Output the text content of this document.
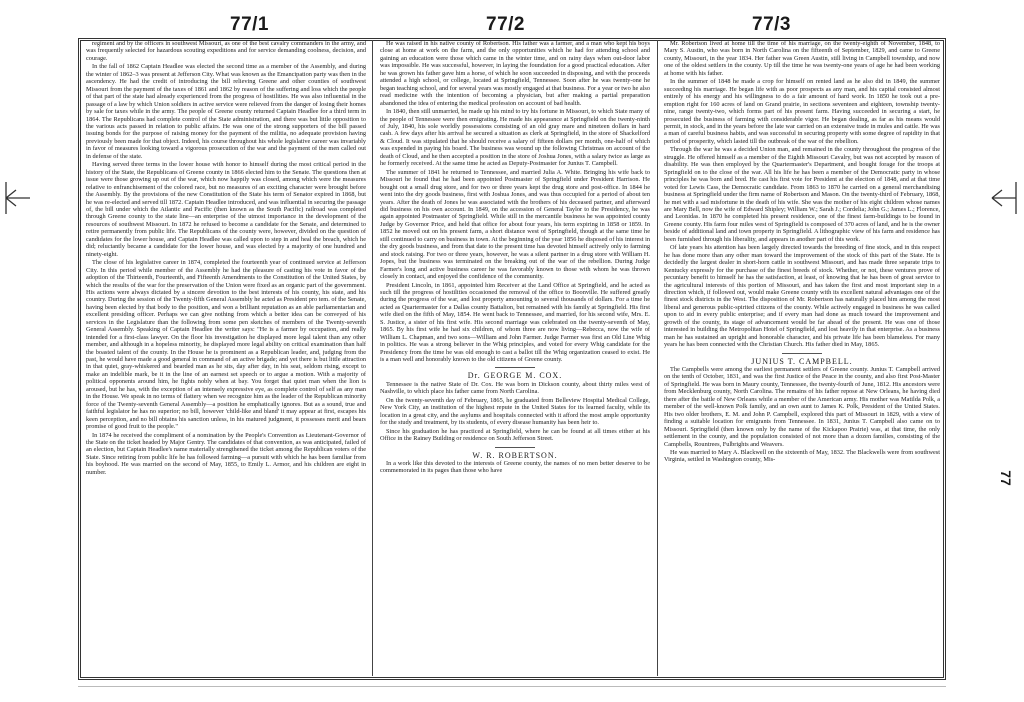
77/1	77/2	77/3

regiment and by the officers in southwest Missouri, as one of the best cavalry commanders in the army, and was frequently selected for hazardous scouting expeditions and for service demanding coolness, decision, and courage.

In the fall of 1862 Captain Headlee was elected the second time as a member of the Assembly, and during the winter of 1862–3 was present at Jefferson City. What was known as the Emancipation party was then in the ascendency. He had the credit of introducing the bill relieving Greene and other counties of southwest Missouri from the payment of the taxes of 1861 and 1862 by reason of the suffering and loss which the people of that part of the state had already experienced from the progress of hostilities. He was also influential in the passage of a law by which Union soldiers in active service were relieved from the danger of losing their homes by sale for taxes while in the army. The people of Greene county returned Captain Headlee for a third term in 1864. The Republicans had complete control of the State administration, and there was but little opposition to the various acts passed in relation to public affairs. He was one of the strong supporters of the bill passed issuing bonds for the purpose of raising money for the payment of the militia, no adequate provision having previously been made for that object. Indeed, his course throughout his whole legislative career was invariably in favor of measures looking toward a vigorous prosecution of the war and the payment of the men called out in defense of the state.

Having served three terms in the lower house with honor to himself during the most critical period in the history of the State, the Republicans of Greene county in 1866 elected him to the Senate. The questions then at issue were those growing up out of the war, which now happily was closed, among which were the measures relative to enfranchisement of the colored race, but no measures of an exciting character were brought before the Assembly. By the provisions of the new Constitution of the State his term of Senator expired in 1868, but he was re-elected and served till 1872. Captain Headlee introduced, and was influential in securing the passage of, the bill under which the Atlantic and Pacific (then known as the South Pacific) railroad was completed through Greene county to the state line—an enterprise of the utmost importance in the development of the resources of southwest Missouri. In 1872 he refused to become a candidate for the Senate, and determined to retire permanently from public life. The Republicans of the county were, however, divided on the question of candidates for the lower house, and Captain Headlee was called upon to step in and heal the breach, which he did; reluctantly became a candidate for the lower house, and was elected by a majority of one hundred and ninety-eight.

The close of his legislative career in 1874, completed the fourteenth year of continued service at Jefferson City. In this period while member of the Assembly he had the pleasure of casting his vote in favor of the adoption of the Thirteenth, Fourteenth, and Fifteenth Amendments to the Constitution of the United States, by which the results of the war for the preservation of the Union were fixed as an organic part of the government. His actions were always dictated by a sincere devotion to the best interests of his county, his state, and his country. During the session of the Twenty-fifth General Assembly he acted as President pro tem. of the Senate, having been elected by that body to the position, and won a brilliant reputation as an able parliamentarian and excellent presiding officer. Perhaps we can give nothing from which a better idea can be conveyed of his services in the Legislature than the following from some pen sketches of members of the Twenty-seventh General Assembly. Speaking of Captain Headlee the writer says: "He is a farmer by occupation, and really intended for a first-class lawyer. On the floor his investigation he displayed more legal talent than any other member, and although in a hopeless minority, he displayed more legal ability on critical examination than half the boasted talent of the county. In the House he is prominent as a Republican leader, and, judging from the past, he would have made a good general in command of an active brigade; and yet there is but little attraction in that quiet, gray-whiskered and bearded man as he sits, day after day, in his seat, seldom rising, except to make an indelible mark, be it in the line of an earnest set speech or to argue a motion. With a majority of political opponents around him, he fights nobly when at bay. You forget that quiet man when the lion is aroused, but he has, with the exception of an intensely expressive eye, as complete control of self as any man in the House. We speak in no terms of flattery when we recognize him as the leader of the Republican minority force of the Twenty-seventh General Assembly—a position he emphatically ignores. But as a sound, true and faithful legislator he has no superior; no bill, however 'child-like and bland' it may appear at first, escapes his keen perception, and no bill obtains his sanction unless, in his matured judgment, it possesses merit and bears promise of good fruit to the people."

In 1874 he received the compliment of a nomination by the People's Convention as Lieutenant-Governor of the State on the ticket headed by Major Gentry. The candidates of that convention, as was anticipated, failed of an election, but Captain Headlee's name materially strengthened the ticket among the Republican voters of the State. Since retiring from public life he has followed farming—a pursuit with which he has been familiar from his boyhood. He was married on the second of May, 1855, to Emily L. Armor, and his children are eight in number.

He was raised in his native county of Robertson. His father was a farmer, and a man who kept his boys close at home at work on the farm, and the only opportunities which he had for attending school and gaining an education were those which came in the winter time, and on rainy days when out-door labor was impossible. He was successful, however, in laying the foundation for a good practical education. After he was grown his father gave him a horse, of which he soon succeeded in disposing, and with the proceeds attended a high school, or college, located at Springfield, Tennessee. Soon after he was twenty-one he began teaching school, and for several years was mostly engaged at that business. For a year or two he also read medicine with the intention of becoming a physician, but after making a partial preparation abandoned the idea of entering the medical profession on account of bad health.

In 1840, then still unmarried, he made up his mind to try his fortune in Missouri, to which State many of the people of Tennessee were then emigrating. He made his appearance at Springfield on the twenty-ninth of July, 1840, his sole worldly possessions consisting of an old gray mare and nineteen dollars in hard cash. A few days after his arrival he secured a situation as clerk at Springfield, in the store of Shackelford & Cloud. It was stipulated that he should receive a salary of fifteen dollars per month, one-half of which was expended in paying his board. The business was wound up the following Christmas on account of the death of Cloud, and he then accepted a position in the store of Joshua Jones, with a salary twice as large as he formerly received. At the same time he acted as Deputy-Postmaster for Junius T. Campbell.

The summer of 1841 he returned to Tennessee, and married Julia A. White. Bringing his wife back to Missouri he found that he had been appointed Postmaster of Springfield under President Harrison. He bought out a small drug store, and for two or three years kept the drug store and post-office. In 1844 he went into the dry goods business, first with Joshua Jones, and was thus occupied for a period of about ten years. After the death of Jones he was associated with the brothers of his deceased partner, and afterward did business on his own account. In 1849, on the accession of General Taylor to the Presidency, he was again appointed Postmaster of Springfield. While still in the mercantile business he was appointed county Judge by Governor Price, and held that office for about four years, his term expiring in 1858 or 1859. In 1852 he moved out on his present farm, a short distance west of Springfield, though at the same time he still continued to carry on business in town. At the beginning of the year 1856 he disposed of his interest in the dry goods business, and from that date to the present time has devoted himself actively only to farming and stock raising. For two or three years, however, he was a silent partner in a drug store with William H. Jopes, but the business was terminated on the breaking out of the war of the rebellion. During Judge Farmer's long and active business career he was favorably known to those with whom he was thrown closely in contact, and enjoyed the confidence of the community.

President Lincoln, in 1861, appointed him Receiver at the Land Office at Springfield, and he acted as such till the progress of hostilities occasioned the removal of the office to Boonville. He suffered greatly during the progress of the war, and lost property amounting to several thousands of dollars. For a time he acted as Quartermaster for a Dallas county Battalion, but remained with his family at Springfield. His first wife died on the fifth of May, 1854. He went back to Tennessee, and married, for his second wife, Mrs. E. S. Justice, a sister of his first wife. His second marriage was celebrated on the twenty-seventh of May, 1865. By his first wife he had six children, of whom three are now living—Rebecca, now the wife of William L. Chapman, and two sons—William and John Farmer. Judge Farmer was first an Old Line Whig in politics. He was a strong believer in the Whig principles, and voted for every Whig candidate for the Presidency from the time he was old enough to cast a ballot till the Whig organization ceased to exist. He is a man well and honorably known to the old citizens of Greene county.

Dr. GEORGE M. COX.

Tennessee is the native State of Dr. Cox. He was born in Dickson county, about thirty miles west of Nashville, to which place his father came from North Carolina.

On the twenty-seventh day of February, 1865, he graduated from Belleview Hospital Medical College, New York City, an institution of the highest repute in the United States for its learned faculty, while its location in a great city, and the asylums and hospitals connected with it afford the most ample opportunity for the study and treatment, by its students, of every disease humanity has been heir to.

Since his graduation he has practiced at Springfield, where he can be found at all times either at his Office in the Rainey Building or residence on South Jefferson Street.

W. R. ROBERTSON.

In a work like this devoted to the interests of Greene county, the names of no men better deserve to be commemorated in its pages than those who have

Mr. Robertson lived at home till the time of his marriage, on the twenty-eighth of November, 1848, to Mary S. Austin, who was born in North Carolina on the fifteenth of September, 1829, and came to Greene county, Missouri, in the year 1834. Her father was Green Austin, still living in Campbell township, and now one of the oldest settlers in the county. Up till the time he was twenty-one years of age he had been working at home with his father.

In the summer of 1848 he made a crop for himself on rented land as he also did in 1849, the summer succeeding his marriage. He began life with as poor prospects as any man, and his capital consisted almost entirely of his energy and his willingness to do a fair amount of hard work. In 1850 he took out a pre-emption right for 160 acres of land on Grand prairie, in sections seventeen and eighteen, township twenty-nine, range twenty-two, which forms part of his present farm. Having succeeded in securing a start, he prosecuted the business of farming with considerable vigor. He began dealing, as far as his means would permit, in stock, and in the years before the late war carried on an extensive trade in mules and cattle. He was a man of careful business habits, and was successful in securing property with some degree of rapidity in that period of prosperity, which lasted till the outbreak of the war of the rebellion.

Through the war he was a decided Union man, and remained in the county throughout the progress of the struggle. He offered himself as a member of the Eighth Missouri Cavalry, but was not accepted by reason of disability. He was then employed by the Quartermaster's Department, and bought forage for the troops at Springfield on to the close of the war. All his life he has been a member of the Democratic party in whose principles he was born and bred. He cast his first vote for President at the election of 1848, and at that time voted for Lewis Cass, the Democratic candidate. From 1863 to 1870 he carried on a general merchandising business at Springfield under the firm name of Robertson and Mason. On the twenty-third of February, 1868, he met with a sad misfortune in the death of his wife. She was the mother of his eight children whose names are Mary Bell, now the wife of Edward Shipley; William W.; Sarah J.; Cordelia; John G.; James L.; Florence, and Leonidas. In 1870 he completed his present residence, one of the finest farm-buildings to be found in Greene county. His farm four miles west of Springfield is composed of 370 acres of land, and he is the owner beside of additional land and town property in Springfield. A lithographic view of his farm and residence has been furnished through his liberality, and appears in another part of this work.

Of late years his attention has been largely directed towards the breeding of fine stock, and in this respect he has done more than any other man toward the improvement of the stock of this part of the State. He is decidedly the largest dealer in short-horn cattle in southwest Missouri, and has made three separate trips to Kentucky expressly for the purchase of the finest breeds of stock. Whether, or not, these ventures prove of pecuniary benefit to himself he has the satisfaction, at least, of knowing that he has been of great service to the agricultural interests of this portion of Missouri, and has taken the first and most important step in a direction which, if followed out, would make Greene county with its excellent natural advantages one of the finest stock districts in the West. The disposition of Mr. Robertson has naturally placed him among the most liberal and generous public-spirited citizens of the county. While actively engaged in business he was called upon to aid in every public enterprise; and if every man had done as much toward the improvement and growth of the county, its stage of advancement would be far ahead of the present. He was one of those interested in building the Metropolitan Hotel of Springfield, and lost heavily in that enterprise. As a business man he has sustained an upright and honorable character, and his private life has been blameless. For many years he has been connected with the Christian Church. His father died in May, 1865.

JUNIUS T. CAMPBELL.

The Campbells were among the earliest permanent settlers of Greene county. Junius T. Campbell arrived on the tenth of October, 1831, and was the first Justice of the Peace in the county, and also first Post-Master of Springfield. He was born in Maury county, Tennessee, the twenty-fourth of June, 1812. His ancestors were from Mecklenburg county, North Carolina. The remains of his father repose at New Orleans, he having died there after the battle of New Orleans while a member of the American army. His mother was Matilda Polk, a member of the well-known Polk family, and an own aunt to James K. Polk, President of the United States. His two older brothers, E. M. and John P. Campbell, explored this part of Missouri in 1829, with a view of finding a suitable location for emigrants from Tennessee. In 1831, Junius T. Campbell also came on to Missouri. Springfield (then known only by the name of the Kickapoo Prairie) was, at that time, the only settlement in the county, and the population consisted of not more than a dozen families, consisting of the Campbells, Rountrees, Fulbrights and Weavers.

He was married to Mary A. Blackwell on the sixteenth of May, 1832. The Blackwells were from southwest Virginia, settled in Washington county, Mis-

77
